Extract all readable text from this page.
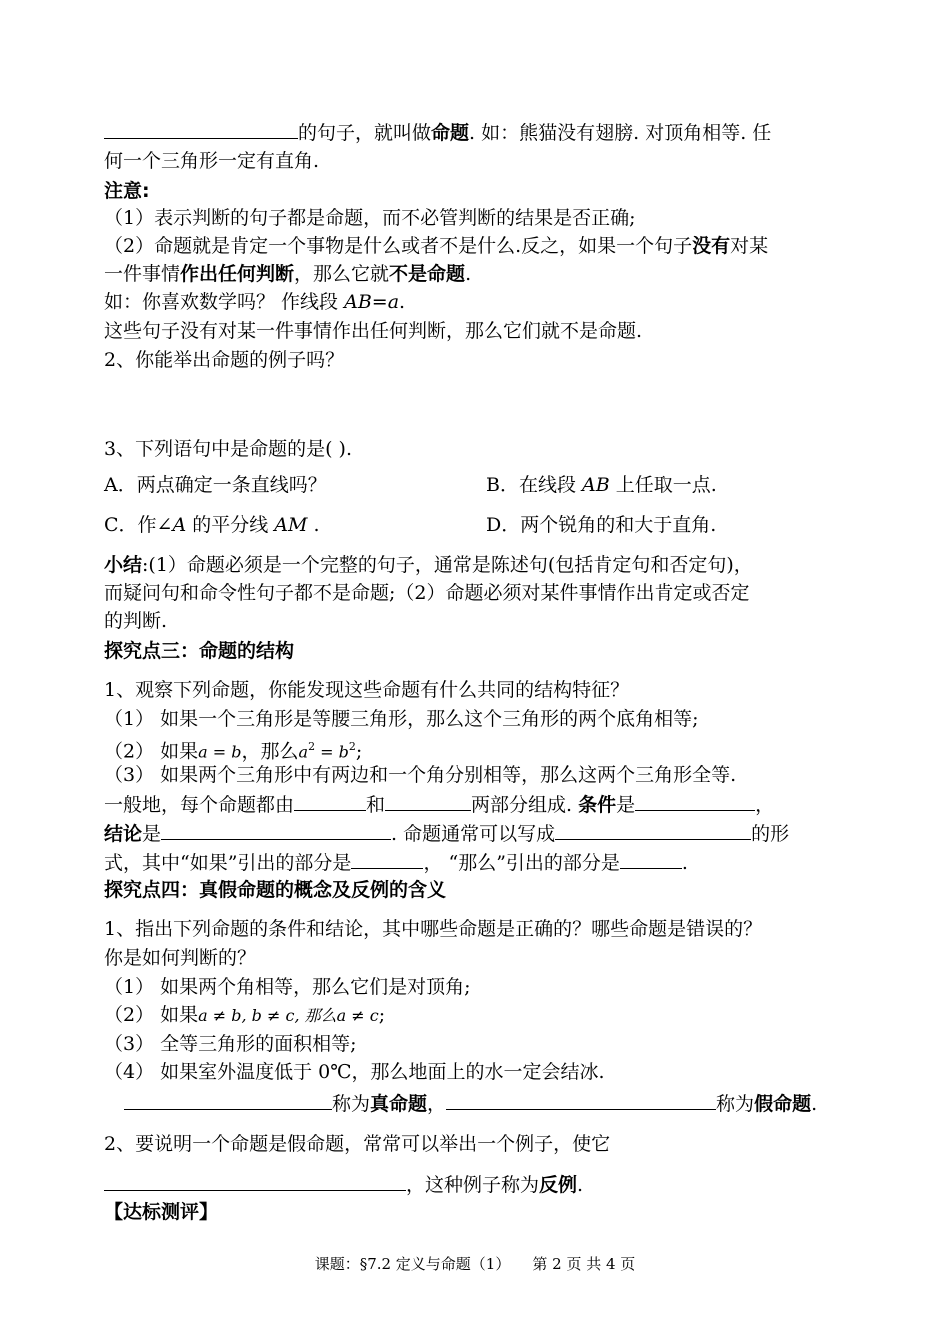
的句子，就叫做命题. 如：熊猫没有翅膀. 对顶角相等. 任
何一个三角形一定有直角.
注意:
（1）表示判断的句子都是命题，而不必管判断的结果是否正确;
（2）命题就是肯定一个事物是什么或者不是什么.反之，如果一个句子没有对某
一件事情作出任何判断，那么它就不是命题.
如：你喜欢数学吗？ 作线段 AB=a.
这些句子没有对某一件事情作出任何判断，那么它们就不是命题.
2、你能举出命题的例子吗？
3、下列语句中是命题的是( ).
A．两点确定一条直线吗？	B．在线段 AB 上任取一点.
C．作∠A 的平分线 AM .	D．两个锐角的和大于直角.
小结:(1）命题必须是一个完整的句子，通常是陈述句(包括肯定句和否定句)，
而疑问句和命令性句子都不是命题;（2）命题必须对某件事情作出肯定或否定
的判断.
探究点三：命题的结构
1、观察下列命题，你能发现这些命题有什么共同的结构特征？
（1） 如果一个三角形是等腰三角形，那么这个三角形的两个底角相等;
（2） 如果a = b，那么$a^2 = b^2$;
（3） 如果两个三角形中有两边和一个角分别相等，那么这两个三角形全等.
一般地，每个命题都由	和	两部分组成. 条件是	，
结论是	. 命题通常可以写成	的形
式，其中“如果”引出的部分是	， “那么”引出的部分是	.
探究点四：真假命题的概念及反例的含义
1、指出下列命题的条件和结论，其中哪些命题是正确的？哪些命题是错误的？
你是如何判断的？
（1） 如果两个角相等，那么它们是对顶角;
（2） 如果a ≠ b, b ≠ c, 那么a ≠ c;
（3） 全等三角形的面积相等;
（4） 如果室外温度低于 0℃，那么地面上的水一定会结冰.
称为真命题，	称为假命题.
2、要说明一个命题是假命题，常常可以举出一个例子，使它
，这种例子称为反例.
【达标测评】
课题：§7.2 定义与命题（1） 第 2 页 共 4 页
